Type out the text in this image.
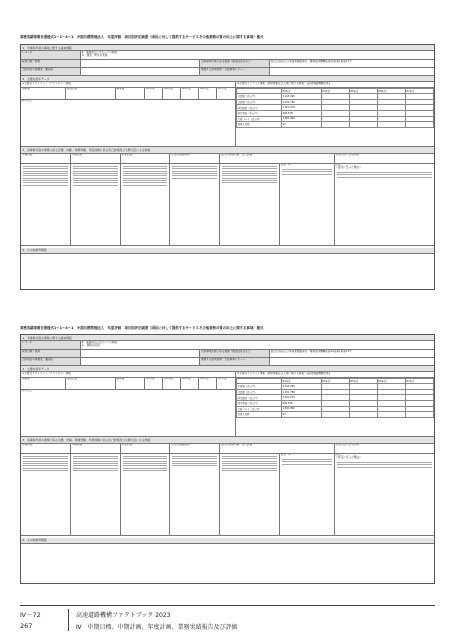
業務実績等報告書様式1ー1ー4ー1　中期目標管理法人　年度評価　項目別評定調書（国民に対して提供するサービスその他業務の質の向上に関する事項）様式
1．今事業年度の事業に関する基本情報
Ⅰ－1－④	9　業務遂行に当たっての取組
④　調査・研究の実施
政策目標・施策	当該事業実施に係る根拠（個別法条文など）	独立行政法人日本高速道路保有・債務返済機構法第12条第1項第11号
当該項目の重要度、難易度	関連する政策評価・行政事業レビュー
2．主要な経年データ
①主要なアウトプット（アウトカム）情報
指標等	達成目標	基準値	R3年度	R4年度	R5年度	R6年度	R7年度
特になし
②主要なインプット情報（財務情報及び人員に関する情報）【高速道路機構全体】
	R3年度	R4年度	R5年度	R6年度	R7年度
予算額（百万円）	2,345,895				
決算額（百万円）	2,051,789				
経常費用（百万円）	1,561,876				
経常利益（百万円）	600,538				
行政コスト（百万円）	1,561,890				
従事人員数	93				
3．各事業年度の業務に係る目標、計画、業務実績、年度評価に係る自己評価及び主務大臣による評価
中期目標	中期計画	年度計画	主な評価指標等	法人の業務実績・自己評価	主務大臣による評価
評定：B	評定
＜評定に至った理由＞
4．その他参考情報
業務実績等報告書様式1ー1ー4ー1　中期目標管理法人　年度評価　項目別評定調書（国民に対して提供するサービスその他業務の質の向上に関する事項）様式
1．今事業年度の事業に関する基本情報
Ⅰ－1－⑤	9　業務遂行に当たっての取組
⑤　債務の返済
政策目標・施策	当該事業実施に係る根拠（個別法条文など）	独立行政法人日本高速道路保有・債務返済機構法第12条第1項第11号
当該項目の重要度、難易度	関連する政策評価・行政事業レビュー
2．主要な経年データ
①主要なアウトプット（アウトカム）情報
指標等	達成目標	基準値	R3年度	R4年度	R5年度	R6年度	R7年度
特になし
②主要なインプット情報（財務情報及び人員に関する情報）【高速道路機構全体】
	R3年度	R4年度	R5年度	R6年度	R7年度
予算額（百万円）	2,345,895				
決算額（百万円）	2,051,789				
経常費用（百万円）	1,561,876				
経常利益（百万円）	600,538				
行政コスト（百万円）	1,561,890				
従事人員数	93				
3．各事業年度の業務に係る目標、計画、業務実績、年度評価に係る自己評価及び主務大臣による評価
中期目標	中期計画	年度計画	主な評価指標等	法人の業務実績・自己評価	主務大臣による評価
評定：B	評定
＜評定に至った理由＞
4．その他参考情報
Ⅳ－72
267
高速道路機構ファクトブック 2023
Ⅳ　中期目標、中期計画、年度計画、業務実績報告及び評価
